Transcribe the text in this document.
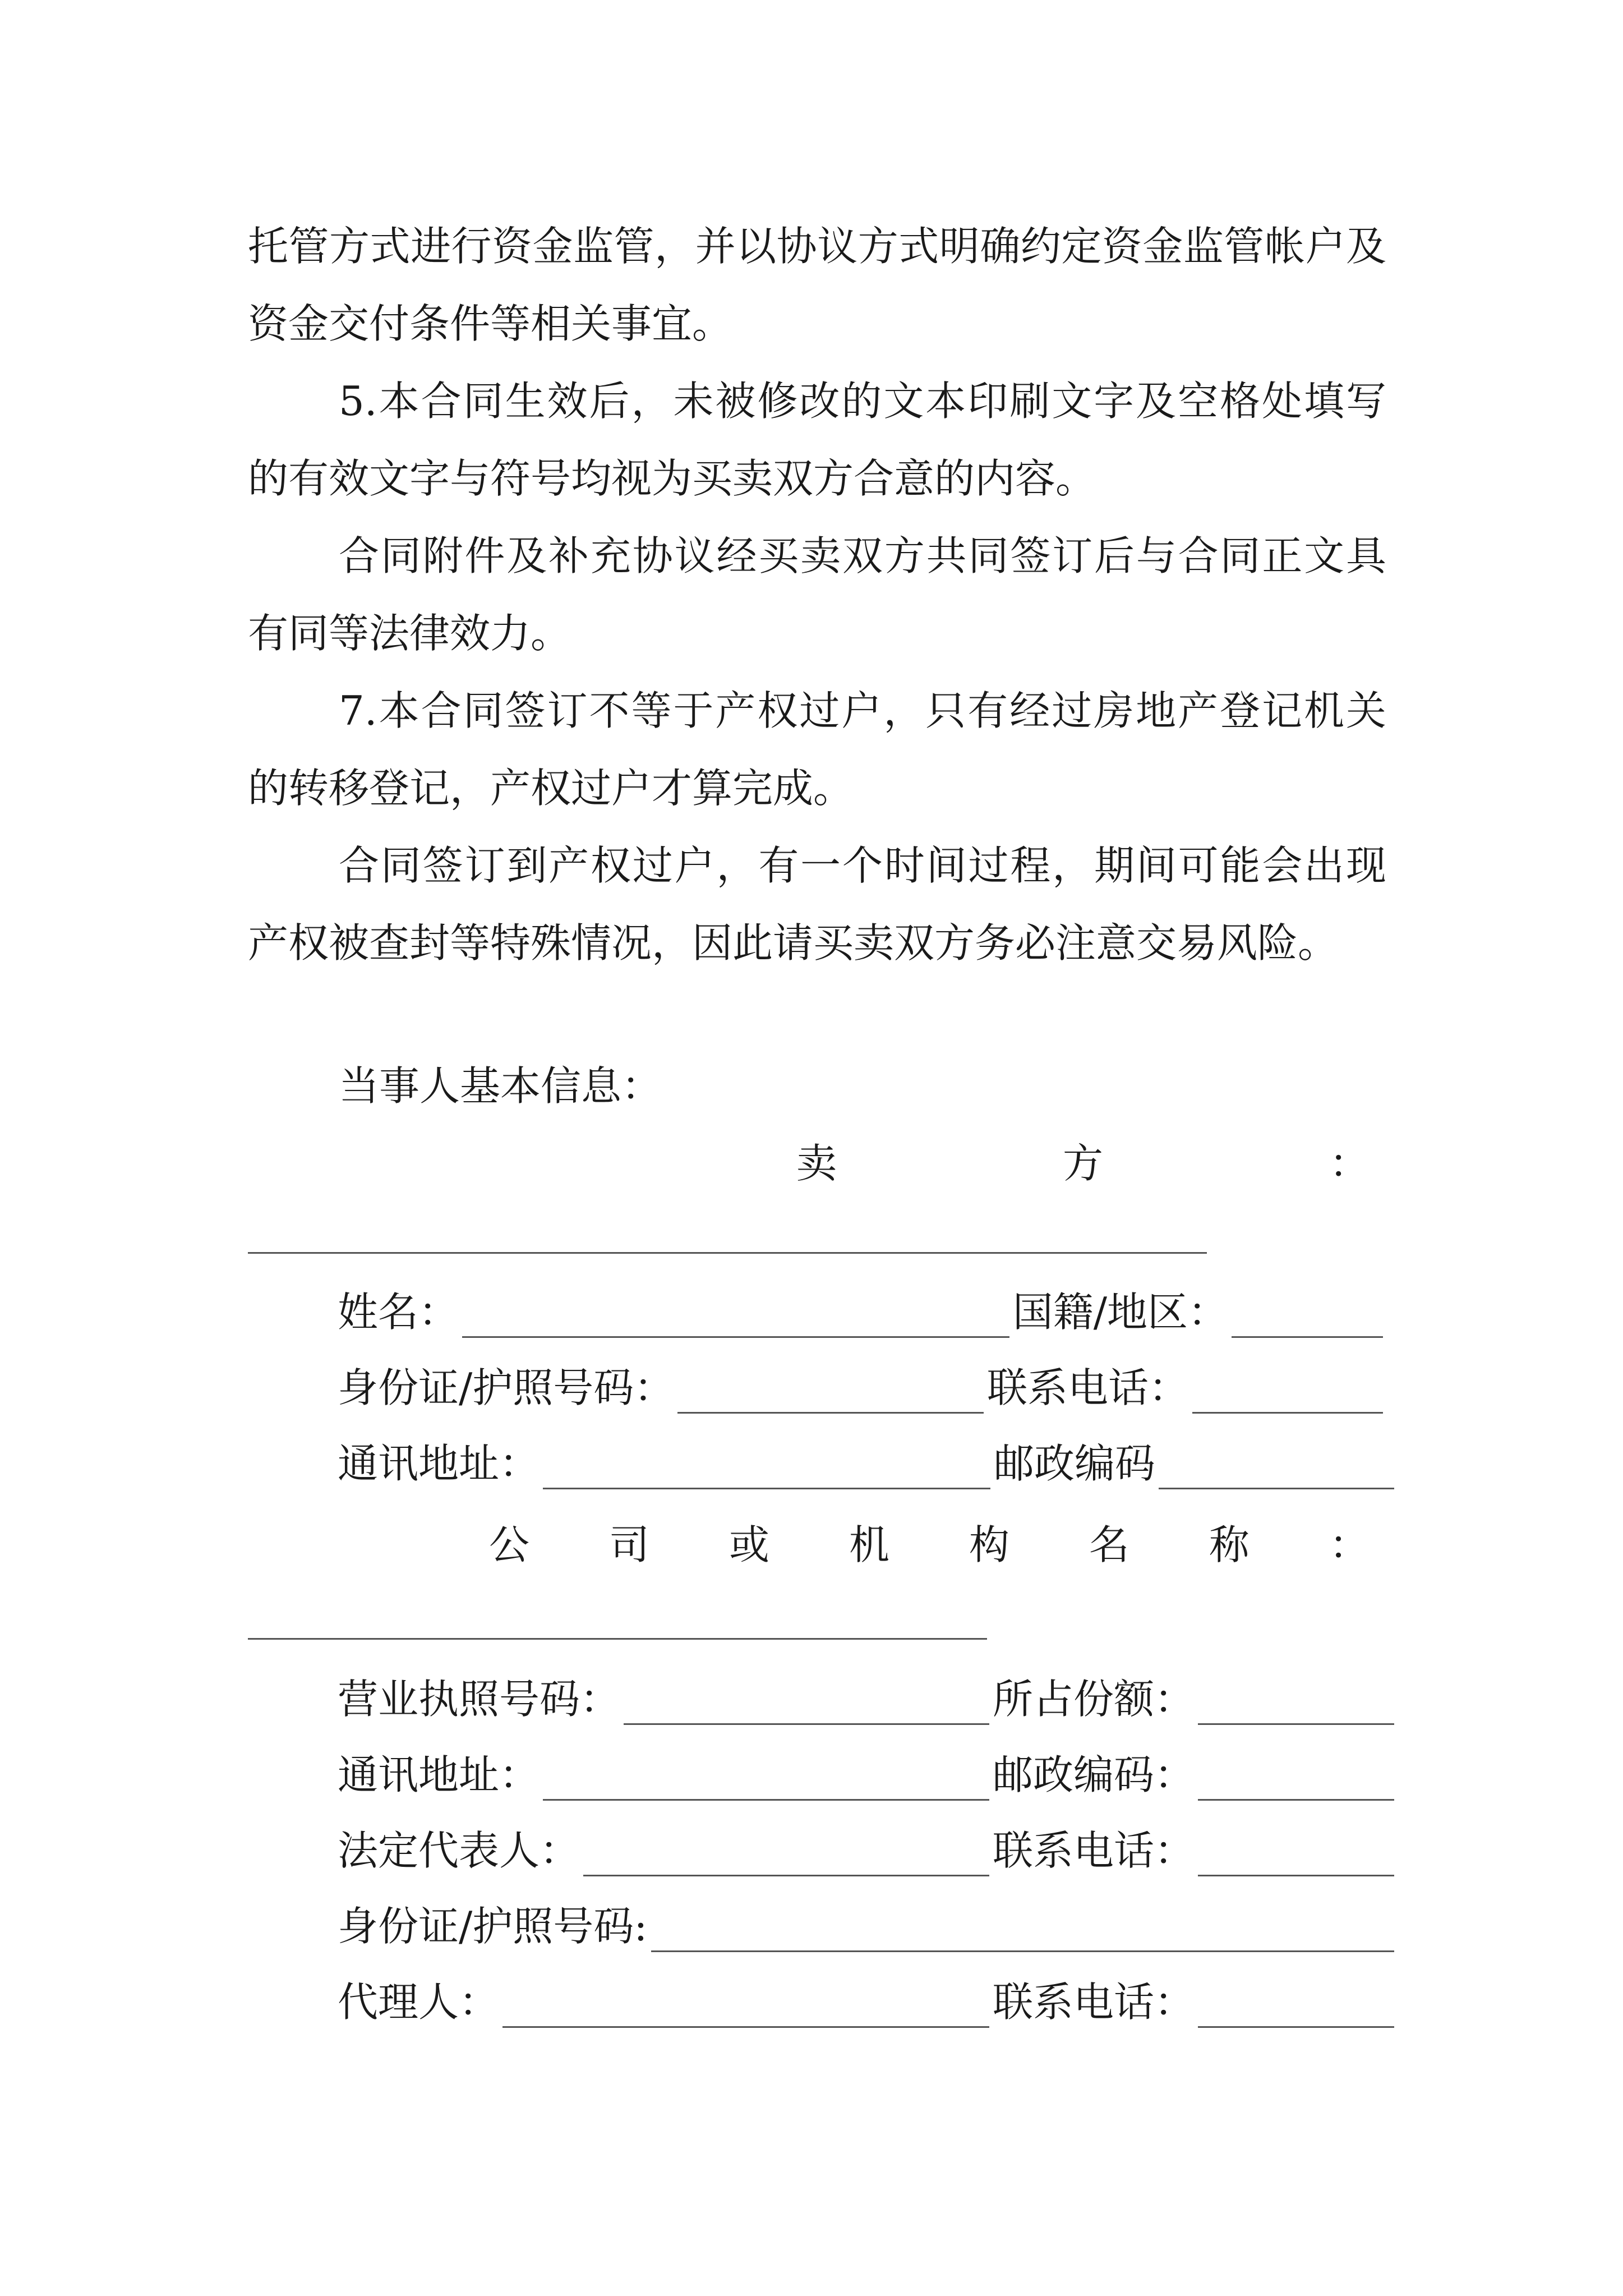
托管方式进行资金监管，并以协议方式明确约定资金监管帐户及资金交付条件等相关事宜。

5.本合同生效后，未被修改的文本印刷文字及空格处填写的有效文字与符号均视为买卖双方合意的内容。

合同附件及补充协议经买卖双方共同签订后与合同正文具有同等法律效力。

7.本合同签订不等于产权过户，只有经过房地产登记机关的转移登记，产权过户才算完成。

合同签订到产权过户，有一个时间过程，期间可能会出现产权被查封等特殊情况，因此请买卖双方务必注意交易风险。

当事人基本信息：
卖	方	：
姓名：	国籍/地区：
身份证/护照号码：	联系电话：
通讯地址：	邮政编码
公 司 或 机 构 名 称 ：
营业执照号码：	所占份额：
通讯地址：	邮政编码：
法定代表人：	联系电话：
身份证/护照号码:
代理人：	联系电话：
